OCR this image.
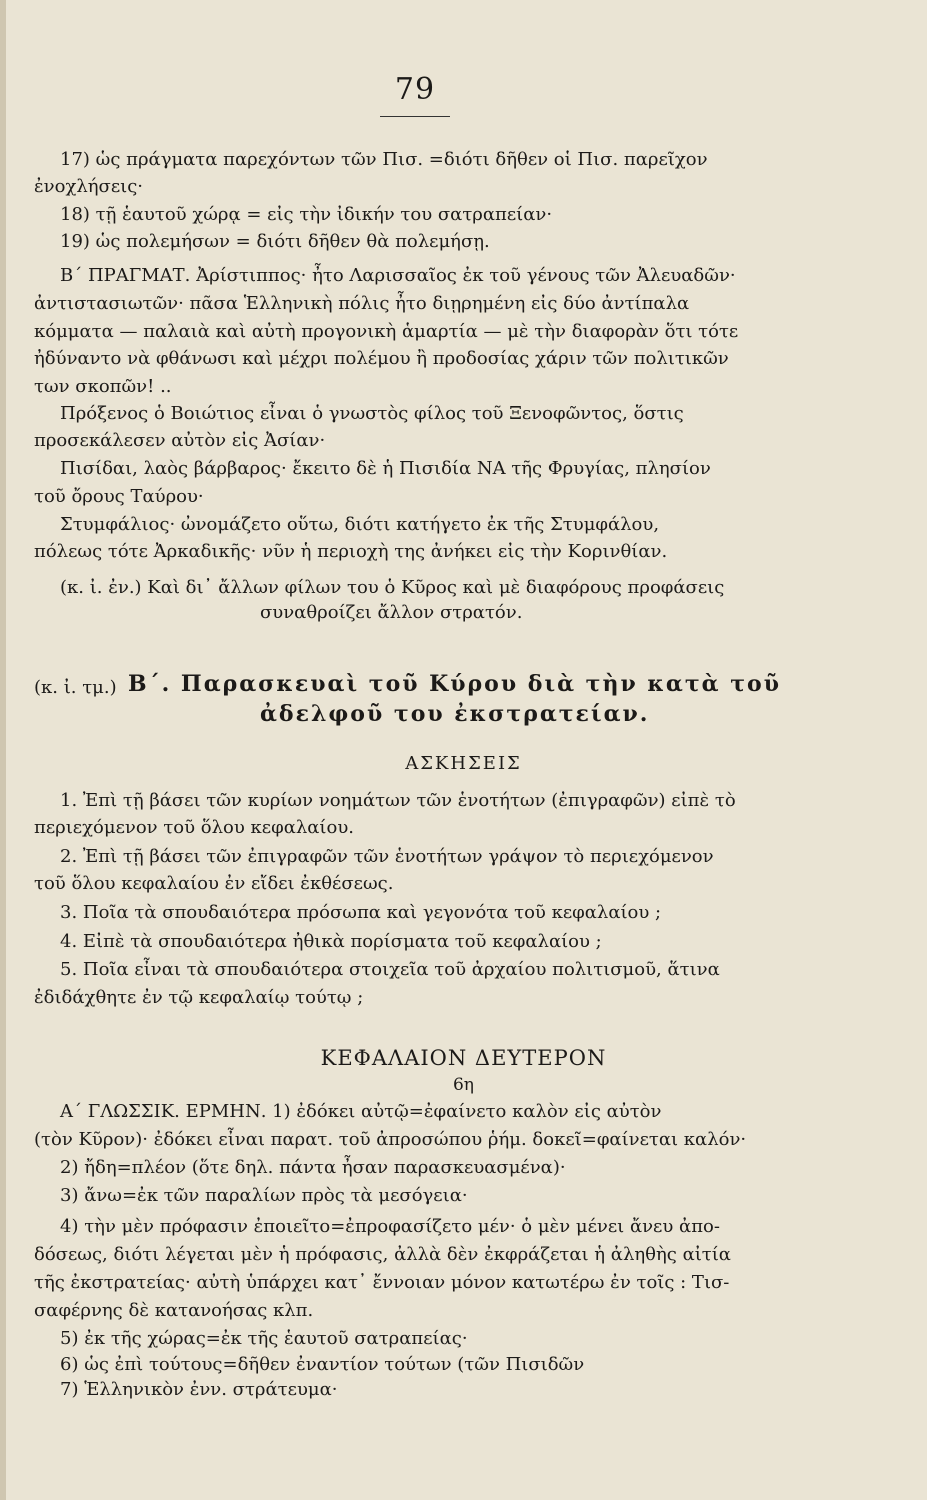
79
17) ὡς πράγματα παρεχόντων τῶν Πισ. =διότι δῆθεν οἱ Πισ. παρεῖχον
ἐνοχλήσεις·
18) τῇ ἑαυτοῦ χώρᾳ = εἰς τὴν ἰδικήν του σατραπείαν·
19) ὡς πολεμήσων = διότι δῆθεν θὰ πολεμήσῃ.
Β΄ ΠΡΑΓΜΑΤ. Ἀρίστιππος· ἦτο Λαρισσαῖος ἐκ τοῦ γένους τῶν Ἀλευαδῶν·
ἀντιστασιωτῶν· πᾶσα Ἑλληνικὴ πόλις ἦτο διῃρημένη εἰς δύο ἀντίπαλα
κόμματα — παλαιὰ καὶ αὐτὴ προγονικὴ ἁμαρτία — μὲ τὴν διαφορὰν ὅτι τότε
ἠδύναντο νὰ φθάνωσι καὶ μέχρι πολέμου ἢ προδοσίας χάριν τῶν πολιτικῶν
των σκοπῶν! ..
Πρόξενος ὁ Βοιώτιος εἶναι ὁ γνωστὸς φίλος τοῦ Ξενοφῶντος, ὅστις
προσεκάλεσεν αὐτὸν εἰς Ἀσίαν·
Πισίδαι, λαὸς βάρβαρος· ἔκειτο δὲ ἡ Πισιδία ΝΑ τῆς Φρυγίας, πλησίον
τοῦ ὄρους Ταύρου·
Στυμφάλιος· ὠνομάζετο οὕτω, διότι κατήγετο ἐκ τῆς Στυμφάλου,
πόλεως τότε Ἀρκαδικῆς· νῦν ἡ περιοχὴ της ἀνήκει εἰς τὴν Κορινθίαν.
(κ. ἰ. ἐν.) Καὶ δι᾽ ἄλλων φίλων του ὁ Κῦρος καὶ μὲ διαφόρους προφάσεις
συναθροίζει ἄλλον στρατόν.
(κ. ἰ. τμ.) Β΄. Παρασκευαὶ τοῦ Κύρου διὰ τὴν κατὰ τοῦ
ἀδελφοῦ του ἐκστρατείαν.
ΑΣΚΗΣΕΙΣ
1. Ἐπὶ τῇ βάσει τῶν κυρίων νοημάτων τῶν ἑνοτήτων (ἐπιγραφῶν) εἰπὲ τὸ
περιεχόμενον τοῦ ὅλου κεφαλαίου.
2. Ἐπὶ τῇ βάσει τῶν ἐπιγραφῶν τῶν ἑνοτήτων γράψον τὸ περιεχόμενον
τοῦ ὅλου κεφαλαίου ἐν εἴδει ἐκθέσεως.
3. Ποῖα τὰ σπουδαιότερα πρόσωπα καὶ γεγονότα τοῦ κεφαλαίου ;
4. Εἰπὲ τὰ σπουδαιότερα ἠθικὰ πορίσματα τοῦ κεφαλαίου ;
5. Ποῖα εἶναι τὰ σπουδαιότερα στοιχεῖα τοῦ ἀρχαίου πολιτισμοῦ, ἅτινα
ἐδιδάχθητε ἐν τῷ κεφαλαίῳ τούτῳ ;
ΚΕΦΑΛΑΙΟΝ ΔΕΥΤΕΡΟΝ
6η
Α΄ ΓΛΩΣΣΙΚ. ΕΡΜΗΝ. 1) ἐδόκει αὐτῷ=ἐφαίνετο καλὸν εἰς αὐτὸν
(τὸν Κῦρον)· ἐδόκει εἶναι παρατ. τοῦ ἀπροσώπου ῥήμ. δοκεῖ=φαίνεται καλόν·
2) ἤδη=πλέον (ὅτε δηλ. πάντα ἦσαν παρασκευασμένα)·
3) ἄνω=ἐκ τῶν παραλίων πρὸς τὰ μεσόγεια·
4) τὴν μὲν πρόφασιν ἐποιεῖτο=ἐπροφασίζετο μέν· ὁ μὲν μένει ἄνευ ἀπο-
δόσεως, διότι λέγεται μὲν ἡ πρόφασις, ἀλλὰ δὲν ἐκφράζεται ἡ ἀληθὴς αἰτία
τῆς ἐκστρατείας· αὐτὴ ὑπάρχει κατ᾽ ἔννοιαν μόνον κατωτέρω ἐν τοῖς : Τισ-
σαφέρνης δὲ κατανοήσας κλπ.
5) ἐκ τῆς χώρας=ἐκ τῆς ἑαυτοῦ σατραπείας·
6) ὡς ἐπὶ τούτους=δῆθεν ἐναντίον τούτων (τῶν Πισιδῶν
7) Ἑλληνικὸν ἐνν. στράτευμα·
